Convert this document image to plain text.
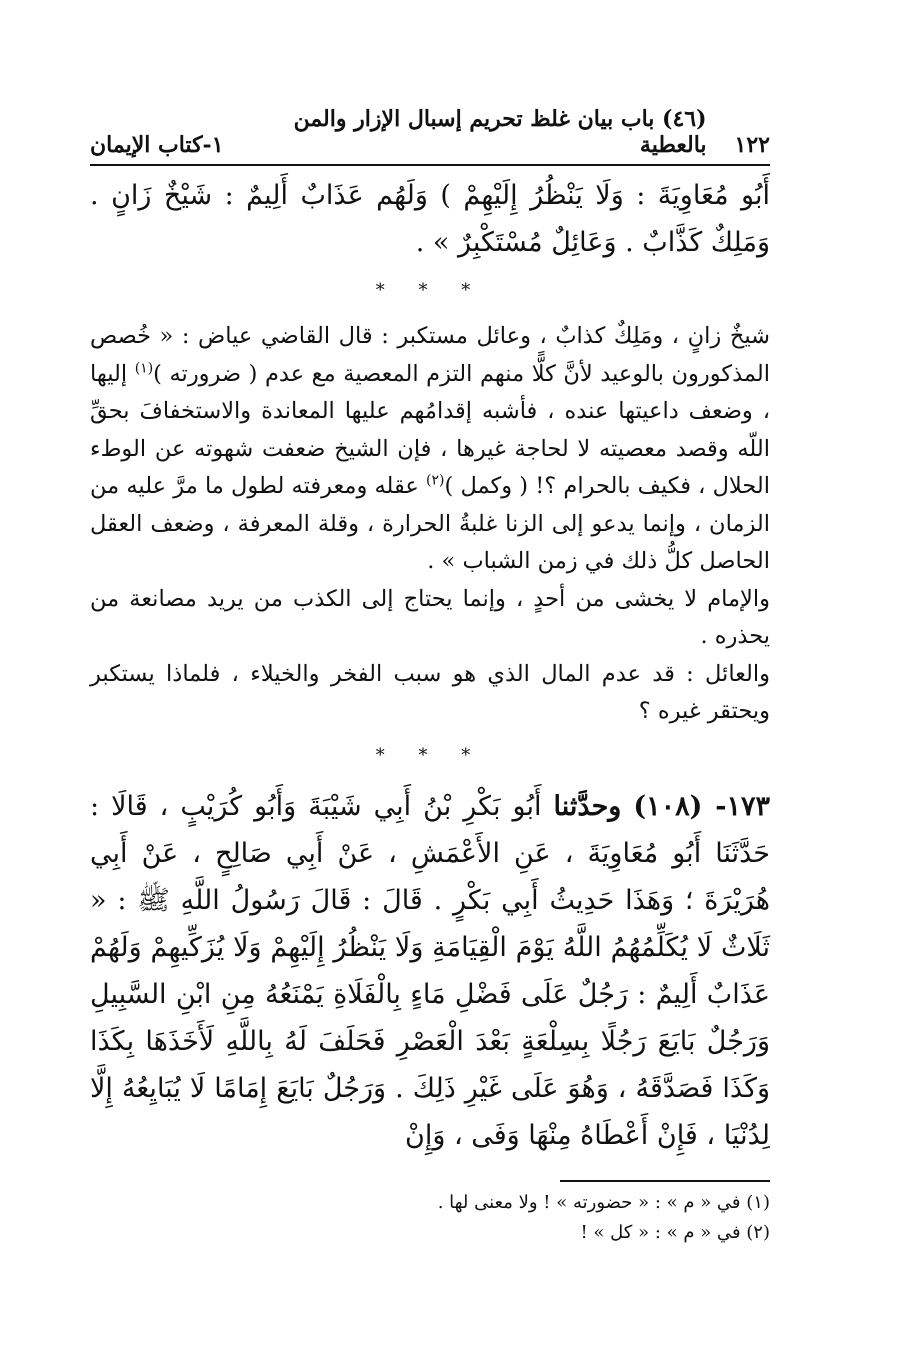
١٢٢
(٤٦) باب بيان غلظ تحريم إسبال الإزار والمن بالعطية
١-كتاب الإيمان

أَبُو مُعَاوِيَةَ : وَلَا يَنْظُرُ إِلَيْهِمْ ) وَلَهُم عَذَابٌ أَلِيمٌ : شَيْخٌ زَانٍ . وَمَلِكٌ كَذَّابٌ . وَعَائِلٌ مُسْتَكْبِرٌ » .

* * *

شيخٌ زانٍ ، ومَلِكٌ كذابٌ ، وعائل مستكبر : قال القاضي عياض : « خُصص المذكورون بالوعيد لأنَّ كلًّا منهم التزم المعصية مع عدم ( ضرورته )$^{(١)}$ إليها ، وضعف داعيتها عنده ، فأشبه إقدامُهم عليها المعاندة والاستخفافَ بحقِّ اللّه وقصد معصيته لا لحاجة غيرها ، فإن الشيخ ضعفت شهوته عن الوطء الحلال ، فكيف بالحرام ؟! ( وكمل )$^{(٢)}$ عقله ومعرفته لطول ما مرَّ عليه من الزمان ، وإنما يدعو إلى الزنا غلبةُ الحرارة ، وقلة المعرفة ، وضعف العقل الحاصل كلُّ ذلك في زمن الشباب » .

والإمام لا يخشى من أحدٍ ، وإنما يحتاج إلى الكذب من يريد مصانعة من يحذره .

والعائل : قد عدم المال الذي هو سبب الفخر والخيلاء ، فلماذا يستكبر ويحتقر غيره ؟

* * *

١٧٣- (١٠٨) وحدَّثنا أَبُو بَكْرِ بْنُ أَبِي شَيْبَةَ وَأَبُو كُرَيْبٍ ، قَالَا : حَدَّثَنَا أَبُو مُعَاوِيَةَ ، عَنِ الأَعْمَشِ ، عَنْ أَبِي صَالِحٍ ، عَنْ أَبِي هُرَيْرَةَ ؛ وَهَذَا حَدِيثُ أَبِي بَكْرٍ . قَالَ : قَالَ رَسُولُ اللَّهِ ﷺ : « ثَلَاثٌ لَا يُكَلِّمُهُمُ اللَّهُ يَوْمَ الْقِيَامَةِ وَلَا يَنْظُرُ إِلَيْهِمْ وَلَا يُزَكِّيهِمْ وَلَهُمْ عَذَابٌ أَلِيمٌ : رَجُلٌ عَلَى فَضْلِ مَاءٍ بِالْفَلَاةِ يَمْنَعُهُ مِنِ ابْنِ السَّبِيلِ وَرَجُلٌ بَايَعَ رَجُلًا بِسِلْعَةٍ بَعْدَ الْعَصْرِ فَحَلَفَ لَهُ بِاللَّهِ لَأَخَذَهَا بِكَذَا وَكَذَا فَصَدَّقَهُ ، وَهُوَ عَلَى غَيْرِ ذَلِكَ . وَرَجُلٌ بَايَعَ إِمَامًا لَا يُبَايِعُهُ إِلَّا لِدُنْيَا ، فَإِنْ أَعْطَاهُ مِنْهَا وَفَى ، وَإِنْ

(١) في « م » : « حضورته » ! ولا معنى لها .
(٢) في « م » : « كل » !
